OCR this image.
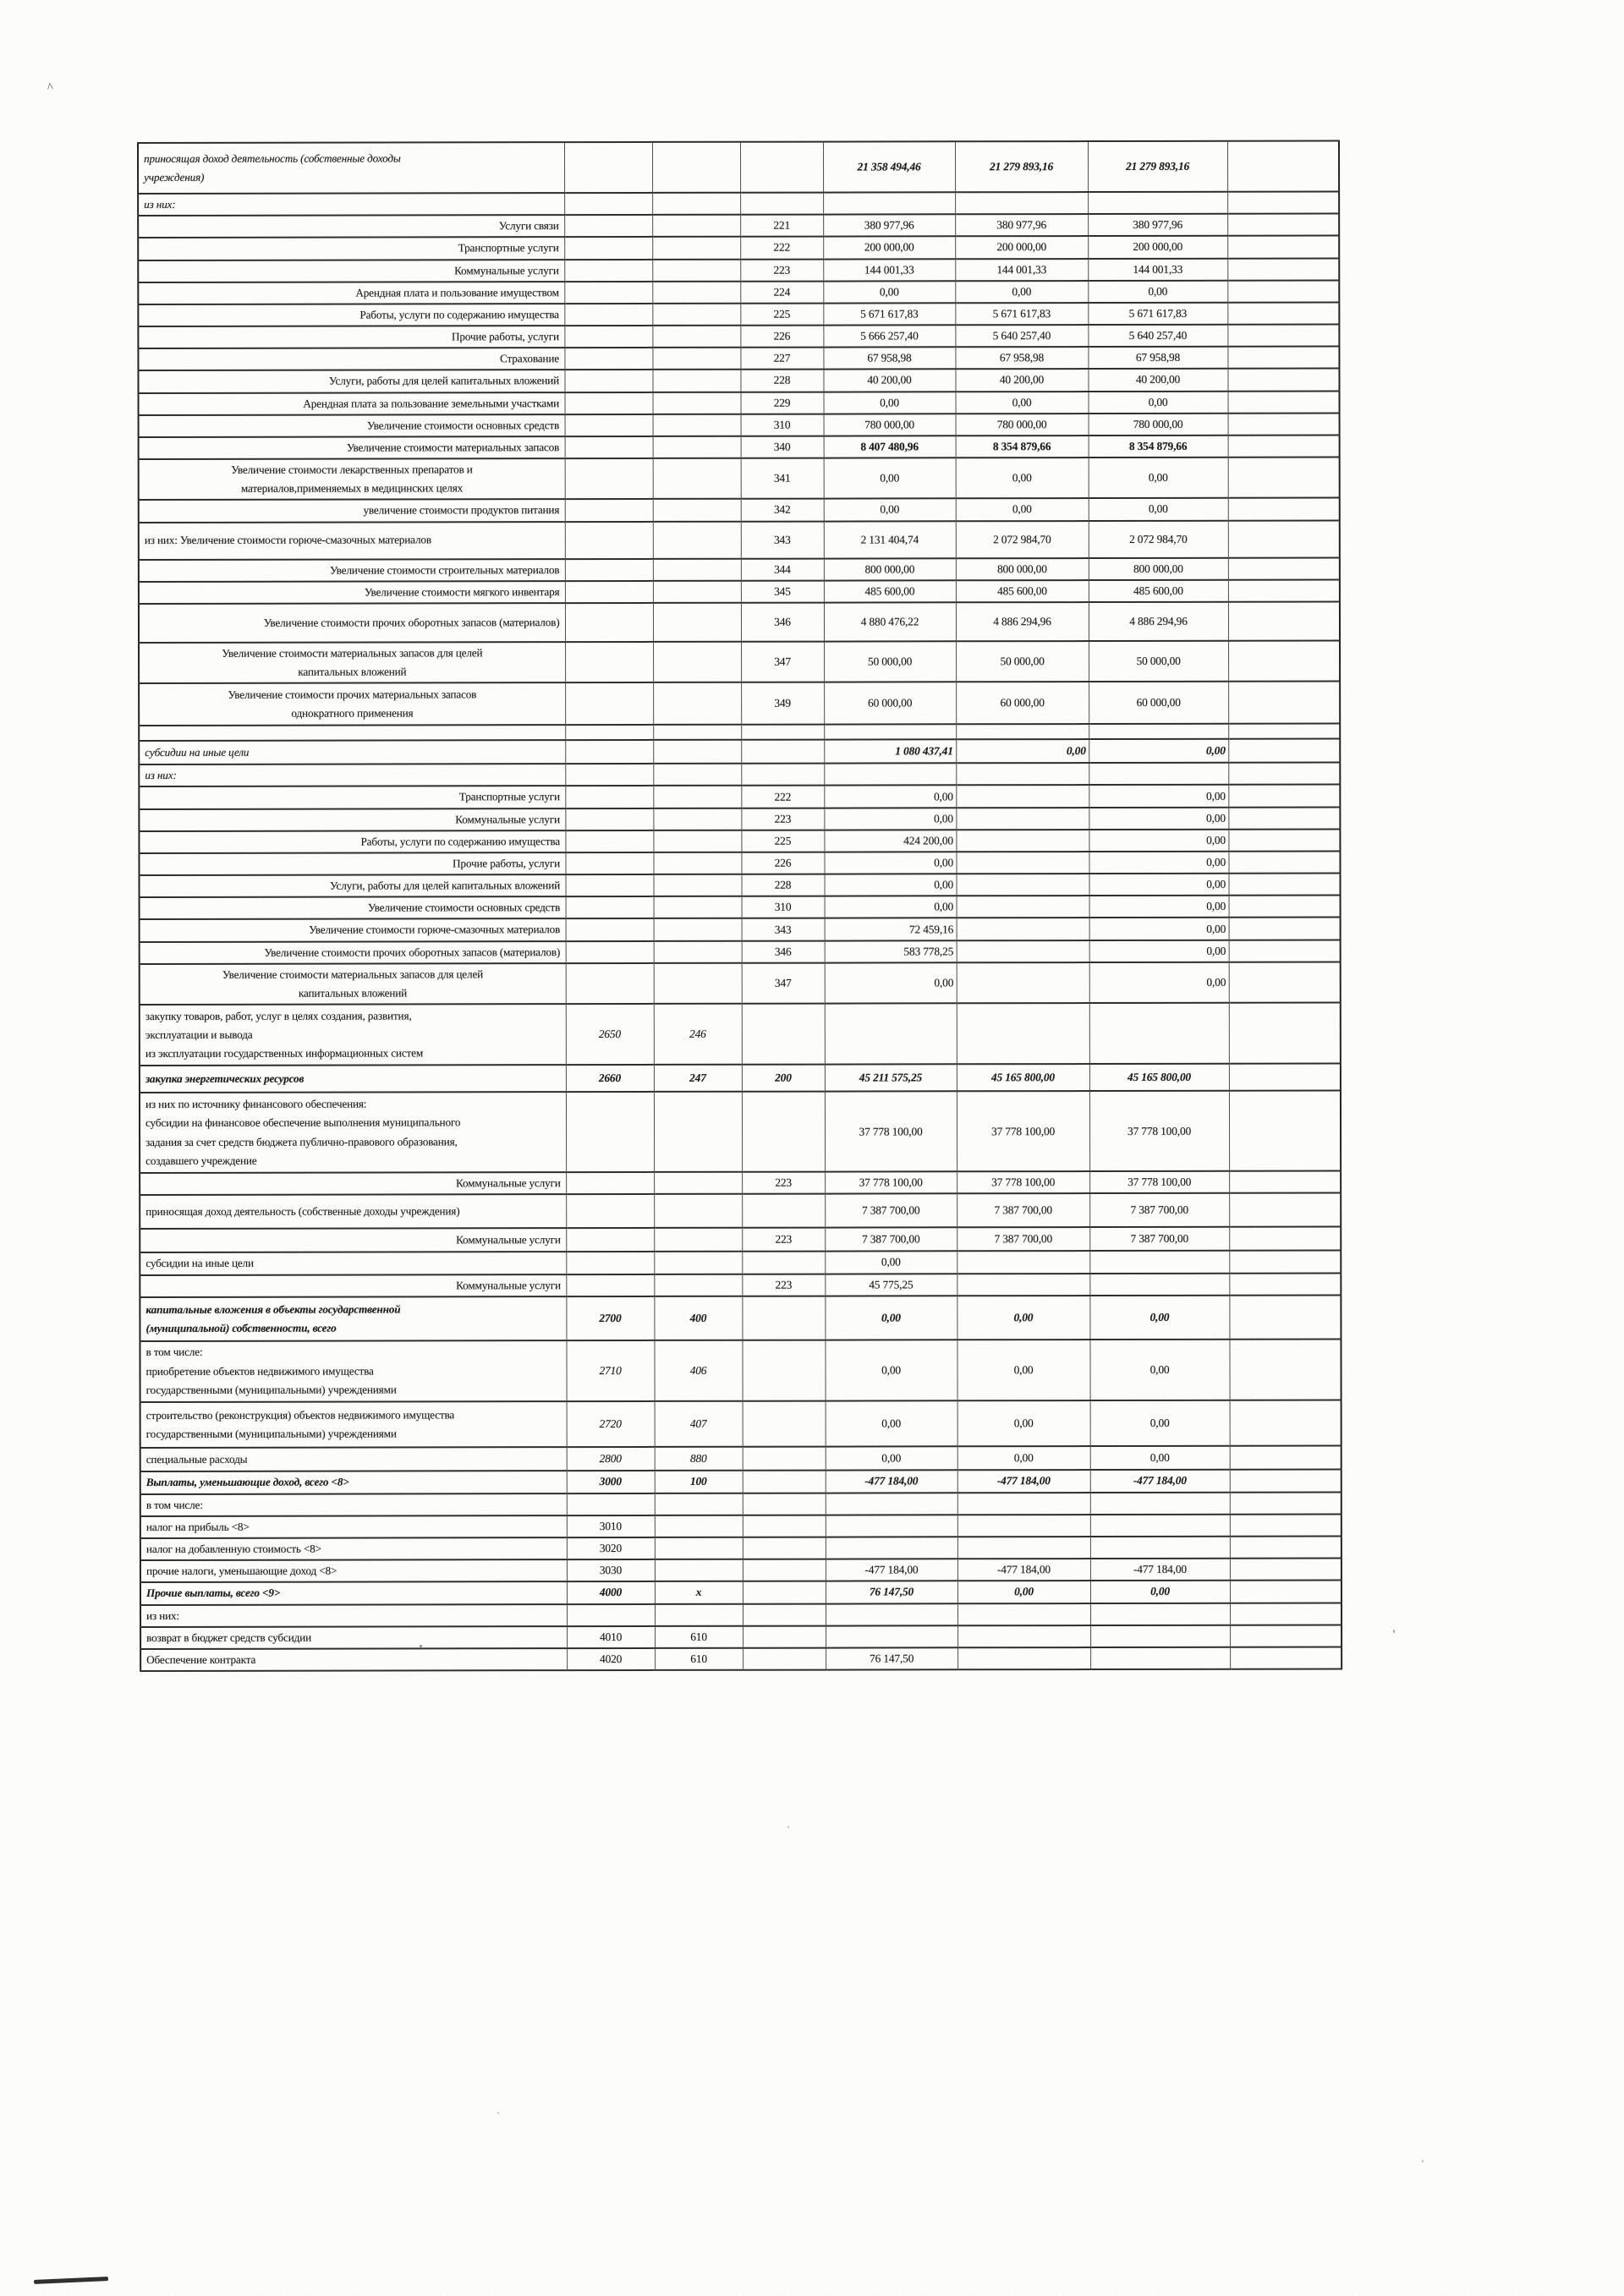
^
приносящая доход деятельность (собственные доходы
учреждения)				21 358 494,46	21 279 893,16	21 279 893,16	
из них:							
Услуги связи			221	380 977,96	380 977,96	380 977,96	
Транспортные услуги			222	200 000,00	200 000,00	200 000,00	
Коммунальные услуги			223	144 001,33	144 001,33	144 001,33	
Арендная плата и пользование имуществом			224	0,00	0,00	0,00	
Работы, услуги по содержанию имущества			225	5 671 617,83	5 671 617,83	5 671 617,83	
Прочие работы, услуги			226	5 666 257,40	5 640 257,40	5 640 257,40	
Страхование			227	67 958,98	67 958,98	67 958,98	
Услуги, работы для целей капитальных вложений			228	40 200,00	40 200,00	40 200,00	
Арендная плата за пользование земельными участками			229	0,00	0,00	0,00	
Увеличение стоимости основных средств			310	780 000,00	780 000,00	780 000,00	
Увеличение стоимости материальных запасов			340	8 407 480,96	8 354 879,66	8 354 879,66	
Увеличение стоимости лекарственных препаратов и
материалов,применяемых в медицинских целях			341	0,00	0,00	0,00	
увеличение стоимости продуктов питания			342	0,00	0,00	0,00	
из них: Увеличение стоимости горюче-смазочных материалов			343	2 131 404,74	2 072 984,70	2 072 984,70	
Увеличение стоимости строительных материалов			344	800 000,00	800 000,00	800 000,00	
Увеличение стоимости мягкого инвентаря			345	485 600,00	485 600,00	485 600,00	
Увеличение стоимости прочих оборотных запасов (материалов)			346	4 880 476,22	4 886 294,96	4 886 294,96	
Увеличение стоимости материальных запасов для целей
капитальных вложений			347	50 000,00	50 000,00	50 000,00	
Увеличение стоимости прочих материальных запасов
однократного применения			349	60 000,00	60 000,00	60 000,00	

субсидии на иные цели				1 080 437,41	0,00	0,00	
из них:							
Транспортные услуги			222	0,00		0,00	
Коммунальные услуги			223	0,00		0,00	
Работы, услуги по содержанию имущества			225	424 200,00		0,00	
Прочие работы, услуги			226	0,00		0,00	
Услуги, работы для целей капитальных вложений			228	0,00		0,00	
Увеличение стоимости основных средств			310	0,00		0,00	
Увеличение стоимости горюче-смазочных материалов			343	72 459,16		0,00	
Увеличение стоимости прочих оборотных запасов (материалов)			346	583 778,25		0,00	
Увеличение стоимости материальных запасов для целей
капитальных вложений			347	0,00		0,00	
закупку товаров, работ, услуг в целях создания, развития,
эксплуатации и вывода
из эксплуатации государственных информационных систем	2650	246					
закупка энергетических ресурсов	2660	247	200	45 211 575,25	45 165 800,00	45 165 800,00	
из них по источнику финансового обеспечения:
субсидии на финансовое обеспечение выполнения муниципального
задания за счет средств бюджета публично-правового образования,
создавшего учреждение				37 778 100,00	37 778 100,00	37 778 100,00	
Коммунальные услуги			223	37 778 100,00	37 778 100,00	37 778 100,00	
приносящая доход деятельность (собственные доходы учреждения)				7 387 700,00	7 387 700,00	7 387 700,00	
Коммунальные услуги			223	7 387 700,00	7 387 700,00	7 387 700,00	
субсидии на иные цели				0,00			
Коммунальные услуги			223	45 775,25			
капитальные вложения в объекты государственной
(муниципальной) собственности, всего	2700	400		0,00	0,00	0,00	
в том числе:
приобретение объектов недвижимого имущества
государственными (муниципальными) учреждениями	2710	406		0,00	0,00	0,00	
строительство (реконструкция) объектов недвижимого имущества
государственными (муниципальными) учреждениями	2720	407		0,00	0,00	0,00	
специальные расходы	2800	880		0,00	0,00	0,00	
Выплаты, уменьшающие доход, всего <8>	3000	100		-477 184,00	-477 184,00	-477 184,00	
в том числе:							
налог на прибыль <8>	3010						
налог на добавленную стоимость <8>	3020						
прочие налоги, уменьшающие доход <8>	3030			-477 184,00	-477 184,00	-477 184,00	
Прочие выплаты, всего <9>	4000	x		76 147,50	0,00	0,00	
из них:							
возврат в бюджет средств субсидии	4010	610					
Обеспечение контракта	4020	610		76 147,50			
